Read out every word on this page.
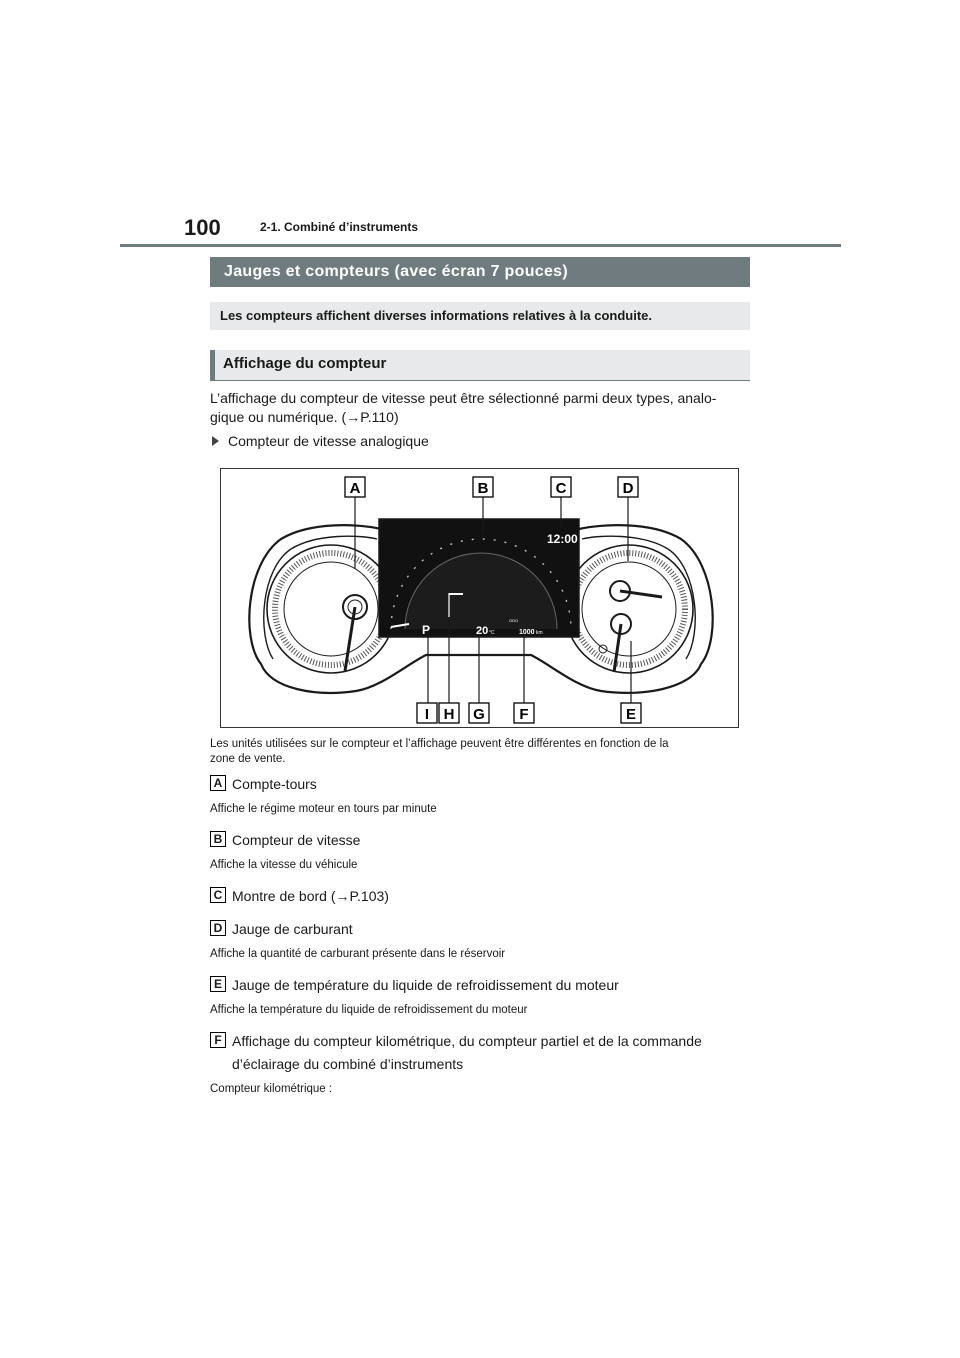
100	2-1. Combiné d’instruments
Jauges et compteurs (avec écran 7 pouces)
Les compteurs affichent diverses informations relatives à la conduite.
Affichage du compteur
L’affichage du compteur de vitesse peut être sélectionné parmi deux types, analo-
gique ou numérique. (→P.110)
Compteur de vitesse analogique
12:00
P	20 °C
ODO
1000 km
A	B	C	D
I H G F	E
Les unités utilisées sur le compteur et l’affichage peuvent être différentes en fonction de la
zone de vente.
A Compte-tours
Affiche le régime moteur en tours par minute
B Compteur de vitesse
Affiche la vitesse du véhicule
C Montre de bord (→P.103)
D Jauge de carburant
Affiche la quantité de carburant présente dans le réservoir
E Jauge de température du liquide de refroidissement du moteur
Affiche la température du liquide de refroidissement du moteur
F Affichage du compteur kilométrique, du compteur partiel et de la commande
d’éclairage du combiné d’instruments
Compteur kilométrique :
